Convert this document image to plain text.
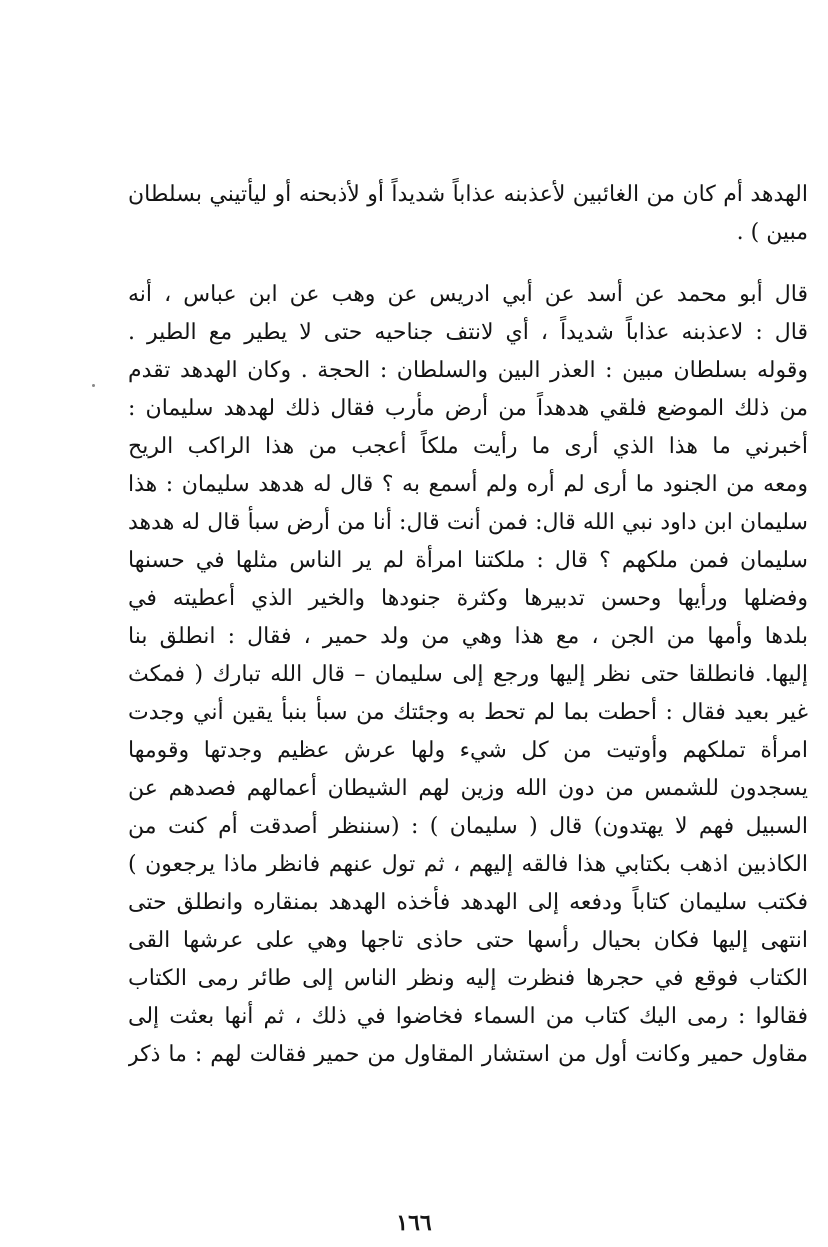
الهدهد أم كان من الغائبين لأعذبنه عذاباً شديداً أو لأذبحنه أو ليأتيني بسلطان
مبين ) .
قال أبو محمد عن أسد عن أبي ادريس عن وهب عن ابن عباس ، أنه
قال : لاعذبنه عذاباً شديداً ، أي لانتف جناحيه حتى لا يطير مع الطير .
وقوله بسلطان مبين : العذر البين والسلطان : الحجة . وكان الهدهد تقدم
من ذلك الموضع فلقي هدهداً من أرض مأرب فقال ذلك لهدهد سليمان :
أخبرني ما هذا الذي أرى ما رأيت ملكاً أعجب من هذا الراكب الريح
ومعه من الجنود ما أرى لم أره ولم أسمع به ؟ قال له هدهد سليمان : هذا
سليمان ابن داود نبي الله قال: فمن أنت قال: أنا من أرض سبأ قال له هدهد
سليمان فمن ملكهم ؟ قال : ملكتنا امرأة لم ير الناس مثلها في حسنها
وفضلها ورأيها وحسن تدبيرها وكثرة جنودها والخير الذي أعطيته في
بلدها وأمها من الجن ، مع هذا وهي من ولد حمير ، فقال : انطلق بنا
إليها. فانطلقا حتى نظر إليها ورجع إلى سليمان – قال الله تبارك ( فمكث
غير بعيد فقال : أحطت بما لم تحط به وجئتك من سبأ بنبأ يقين أني وجدت
امرأة تملكهم وأوتيت من كل شيء ولها عرش عظيم وجدتها وقومها
يسجدون للشمس من دون الله وزين لهم الشيطان أعمالهم فصدهم عن
السبيل فهم لا يهتدون) قال ( سليمان ) : (سننظر أصدقت أم كنت من
الكاذبين اذهب بكتابي هذا فالقه إليهم ، ثم تول عنهم فانظر ماذا يرجعون )
فكتب سليمان كتاباً ودفعه إلى الهدهد فأخذه الهدهد بمنقاره وانطلق حتى
انتهى إليها فكان بحيال رأسها حتى حاذى تاجها وهي على عرشها القى
الكتاب فوقع في حجرها فنظرت إليه ونظر الناس إلى طائر رمى الكتاب
فقالوا : رمى اليك كتاب من السماء فخاضوا في ذلك ، ثم أنها بعثت إلى
مقاول حمير وكانت أول من استشار المقاول من حمير فقالت لهم : ما ذكر
١٦٦
